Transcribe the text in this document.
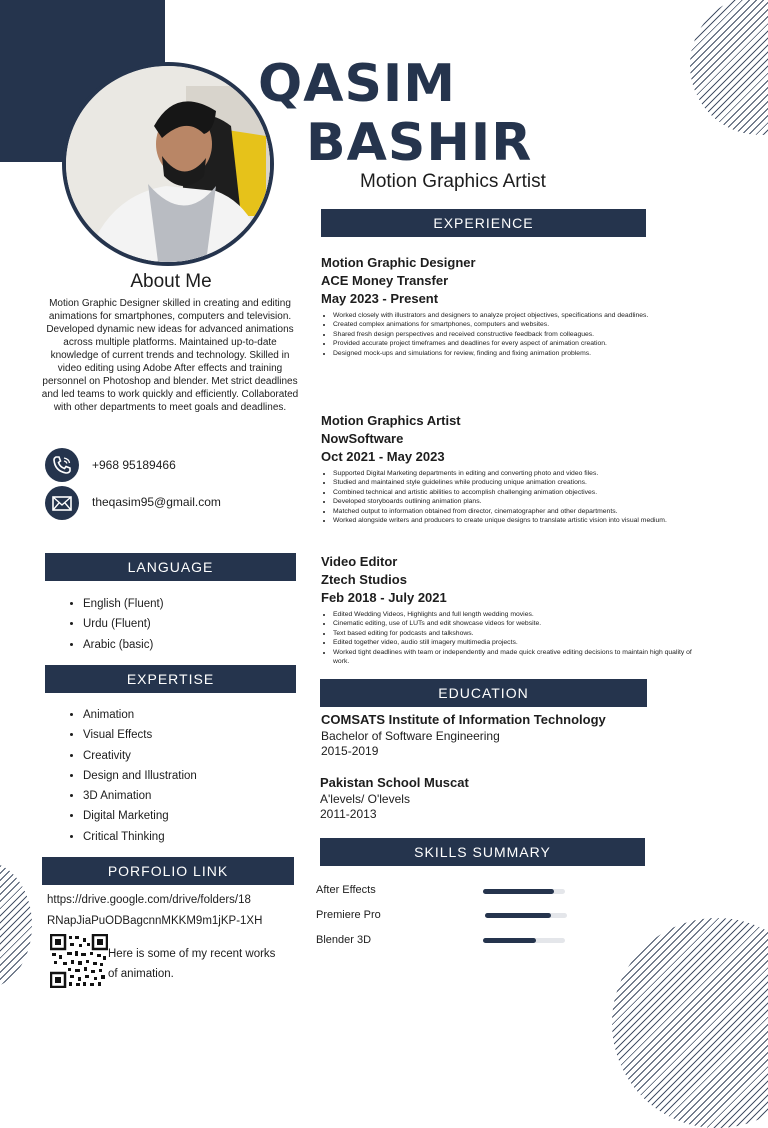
QASIM
BASHIR
Motion Graphics Artist
About Me
Motion Graphic Designer skilled in creating and editing animations for smartphones, computers and television. Developed dynamic new ideas for advanced animations across multiple platforms. Maintained up-to-date knowledge of current trends and technology. Skilled in video editing using Adobe After effects and training personnel on Photoshop and blender. Met strict deadlines and led teams to work quickly and efficiently. Collaborated with other departments to meet goals and deadlines.
+968 95189466
theqasim95@gmail.com
LANGUAGE
• English (Fluent)
• Urdu (Fluent)
• Arabic (basic)
EXPERTISE
• Animation
• Visual Effects
• Creativity
• Design and Illustration
• 3D Animation
• Digital Marketing
• Critical Thinking
PORFOLIO LINK
https://drive.google.com/drive/folders/18
RNapJiaPuODBagcnnMKKM9m1jKP-1XH
Here is some of my recent works
of animation.
EXPERIENCE
Motion Graphic Designer
ACE Money Transfer
May 2023 - Present
• Worked closely with illustrators and designers to analyze project objectives, specifications and deadlines.
• Created complex animations for smartphones, computers and websites.
• Shared fresh design perspectives and received constructive feedback from colleagues.
• Provided accurate project timeframes and deadlines for every aspect of animation creation.
• Designed mock-ups and simulations for review, finding and fixing animation problems.
Motion Graphics Artist
NowSoftware
Oct 2021 - May 2023
• Supported Digital Marketing departments in editing and converting photo and video files.
• Studied and maintained style guidelines while producing unique animation creations.
• Combined technical and artistic abilities to accomplish challenging animation objectives.
• Developed storyboards outlining animation plans.
• Matched output to information obtained from director, cinematographer and other departments.
• Worked alongside writers and producers to create unique designs to translate artistic vision into visual medium.
Video Editor
Ztech Studios
Feb 2018 - July 2021
• Edited Wedding Videos, Highlights and full length wedding movies.
• Cinematic editing, use of LUTs and edit showcase videos for website.
• Text based editing for podcasts and talkshows.
• Edited together video, audio still imagery multimedia projects.
• Worked tight deadlines with team or independently and made quick creative editing decisions to maintain high quality of work.
EDUCATION
COMSATS Institute of Information Technology
Bachelor of Software Engineering
2015-2019
Pakistan School Muscat
A'levels/ O'levels
2011-2013
SKILLS SUMMARY
After Effects
Premiere Pro
Blender 3D
